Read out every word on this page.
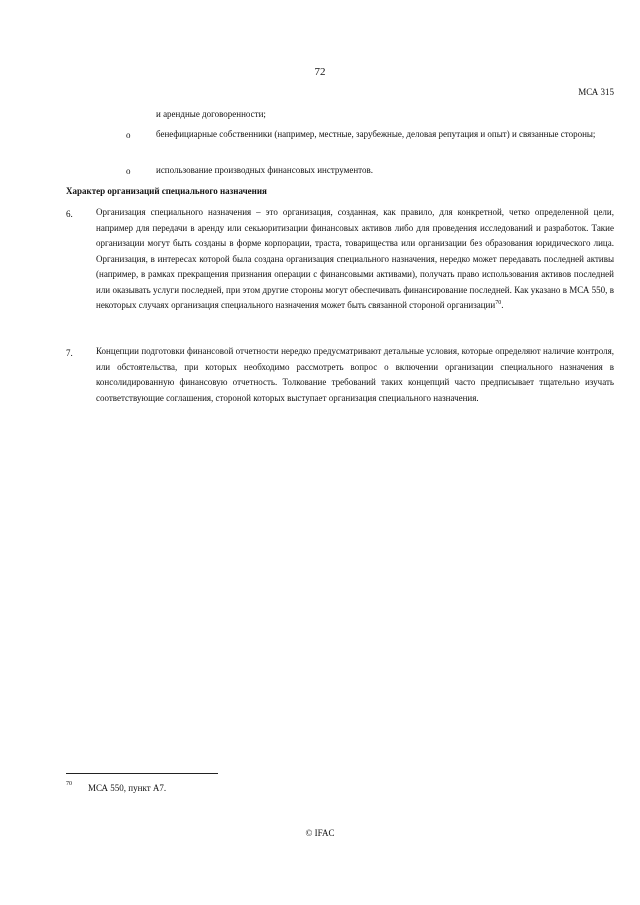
72
МСА 315
и арендные договоренности;
o	бенефициарные собственники (например, местные, зарубежные, деловая репутация и опыт) и связанные стороны;
o	использование производных финансовых инструментов.
Характер организаций специального назначения
6.	Организация специального назначения – это организация, созданная, как правило, для конкретной, четко определенной цели, например для передачи в аренду или секьюритизации финансовых активов либо для проведения исследований и разработок. Такие организации могут быть созданы в форме корпорации, траста, товарищества или организации без образования юридического лица. Организация, в интересах которой была создана организация специального назначения, нередко может передавать последней активы (например, в рамках прекращения признания операции с финансовыми активами), получать право использования активов последней или оказывать услуги последней, при этом другие стороны могут обеспечивать финансирование последней. Как указано в МСА 550, в некоторых случаях организация специального назначения может быть связанной стороной организации$^{70}$.
7.	Концепции подготовки финансовой отчетности нередко предусматривают детальные условия, которые определяют наличие контроля, или обстоятельства, при которых необходимо рассмотреть вопрос о включении организации специального назначения в консолидированную финансовую отчетность. Толкование требований таких концепций часто предписывает тщательно изучать соответствующие соглашения, стороной которых выступает организация специального назначения.
70 МСА 550, пункт А7.
© IFAC
